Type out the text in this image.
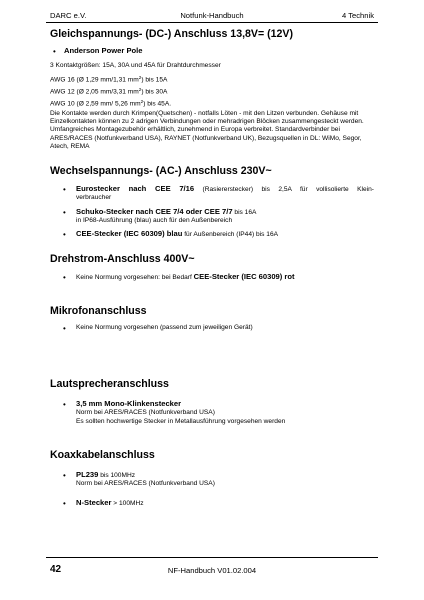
DARC e.V.	Notfunk-Handbuch	4 Technik
Gleichspannungs- (DC-) Anschluss 13,8V= (12V)
• Anderson Power Pole
3 Kontaktgrößen: 15A, 30A und 45A für Drahtdurchmesser
AWG 16 (Ø 1,29 mm/1,31 $mm^2$) bis 15A
AWG 12 (Ø 2,05 mm/3,31 $mm^2$) bis 30A
AWG 10 (Ø 2,59 mm/ 5,26 $mm^2$) bis 45A.
Die Kontakte werden durch Krimpen(Quetschen) - notfalls Löten - mit den Litzen verbunden. Gehäuse mit Einzelkontakten können zu 2 adrigen Verbindungen oder mehradrigen Blöcken zusammengesteckt werden. Umfangreiches Montagezubehör erhältlich, zunehmend in Europa verbreitet. Standardverbinder bei ARES/RACES (Notfunkverband USA), RAYNET (Notfunkverband UK), Bezugsquellen in DL: WiMo, Segor, Atech, REMA
Wechselspannungs- (AC-) Anschluss 230V~
• Eurostecker nach CEE 7/16 (Rasiererstecker) bis 2,5A für vollisolierte Klein-
verbraucher
• Schuko-Stecker nach CEE 7/4 oder CEE 7/7 bis 16A
in IP68-Ausführung (blau) auch für den Außenbereich
• CEE-Stecker (IEC 60309) blau für Außenbereich (IP44) bis 16A
Drehstrom-Anschluss 400V~
• Keine Normung vorgesehen: bei Bedarf CEE-Stecker (IEC 60309) rot
Mikrofonanschluss
• Keine Normung vorgesehen (passend zum jeweiligen Gerät)
Lautsprecheranschluss
• 3,5 mm Mono-Klinkenstecker
Norm bei ARES/RACES (Notfunkverband USA)
Es sollten hochwertige Stecker in Metallausführung vorgesehen werden
Koaxkabelanschluss
• PL239 bis 100MHz
Norm bei ARES/RACES (Notfunkverband USA)
• N-Stecker > 100MHz
42	NF-Handbuch V01.02.004
